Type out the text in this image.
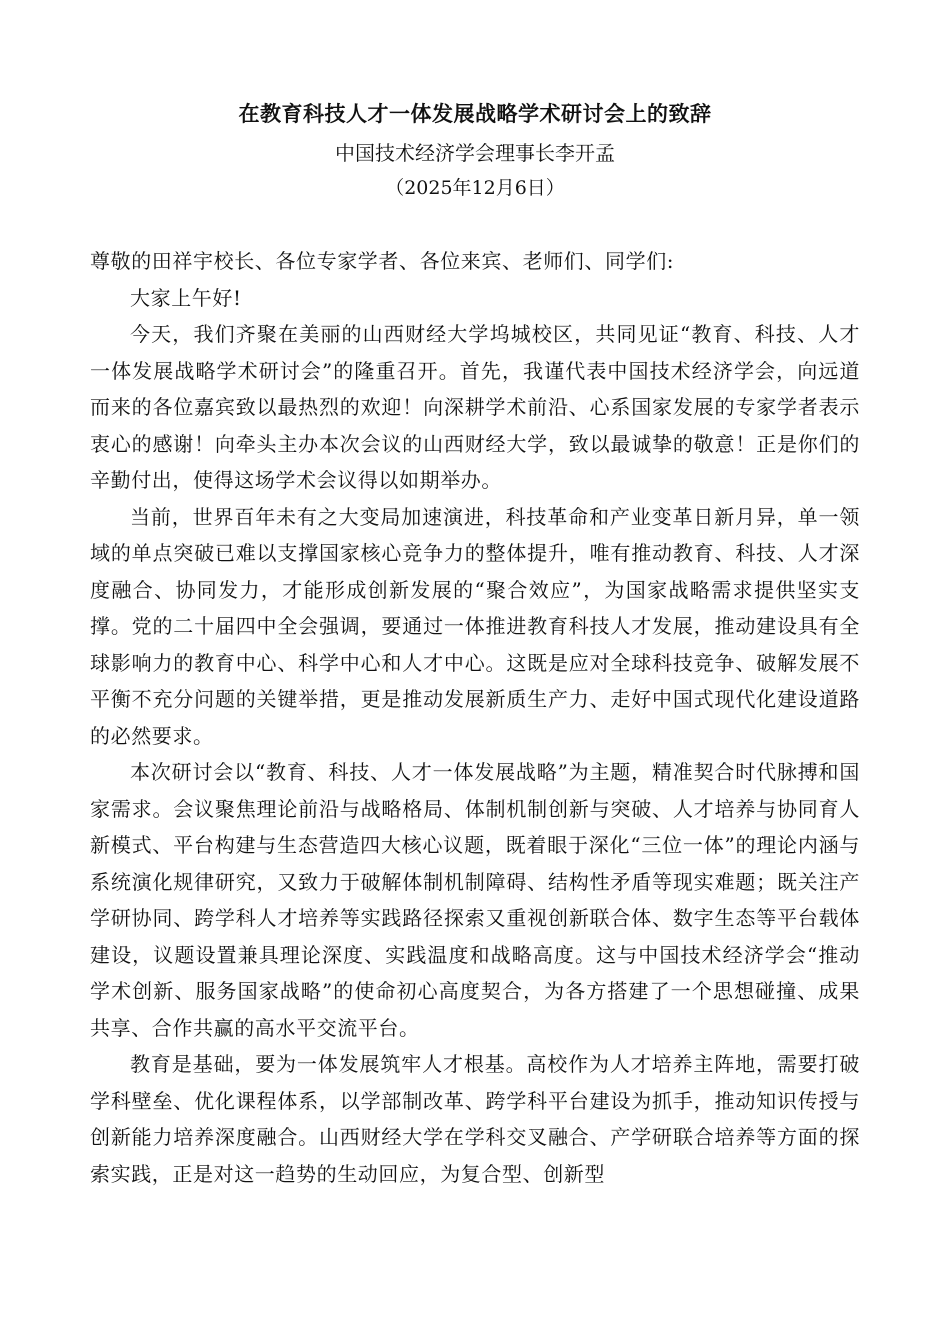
在教育科技人才一体发展战略学术研讨会上的致辞
中国技术经济学会理事长李开孟
（2025年12月6日）

尊敬的田祥宇校长、各位专家学者、各位来宾、老师们、同学们:

大家上午好!

今天，我们齐聚在美丽的山西财经大学坞城校区，共同见证“教育、科技、人才一体发展战略学术研讨会”的隆重召开。首先，我谨代表中国技术经济学会，向远道而来的各位嘉宾致以最热烈的欢迎！向深耕学术前沿、心系国家发展的专家学者表示衷心的感谢！向牵头主办本次会议的山西财经大学，致以最诚挚的敬意！正是你们的辛勤付出，使得这场学术会议得以如期举办。

当前，世界百年未有之大变局加速演进，科技革命和产业变革日新月异，单一领域的单点突破已难以支撑国家核心竞争力的整体提升，唯有推动教育、科技、人才深度融合、协同发力，才能形成创新发展的“聚合效应”，为国家战略需求提供坚实支撑。党的二十届四中全会强调，要通过一体推进教育科技人才发展，推动建设具有全球影响力的教育中心、科学中心和人才中心。这既是应对全球科技竞争、破解发展不平衡不充分问题的关键举措，更是推动发展新质生产力、走好中国式现代化建设道路的必然要求。

本次研讨会以“教育、科技、人才一体发展战略”为主题，精准契合时代脉搏和国家需求。会议聚焦理论前沿与战略格局、体制机制创新与突破、人才培养与协同育人新模式、平台构建与生态营造四大核心议题，既着眼于深化“三位一体”的理论内涵与系统演化规律研究，又致力于破解体制机制障碍、结构性矛盾等现实难题；既关注产学研协同、跨学科人才培养等实践路径探索又重视创新联合体、数字生态等平台载体建设，议题设置兼具理论深度、实践温度和战略高度。这与中国技术经济学会“推动学术创新、服务国家战略”的使命初心高度契合，为各方搭建了一个思想碰撞、成果共享、合作共赢的高水平交流平台。

教育是基础，要为一体发展筑牢人才根基。高校作为人才培养主阵地，需要打破学科壁垒、优化课程体系，以学部制改革、跨学科平台建设为抓手，推动知识传授与创新能力培养深度融合。山西财经大学在学科交叉融合、产学研联合培养等方面的探索实践，正是对这一趋势的生动回应，为复合型、创新型
